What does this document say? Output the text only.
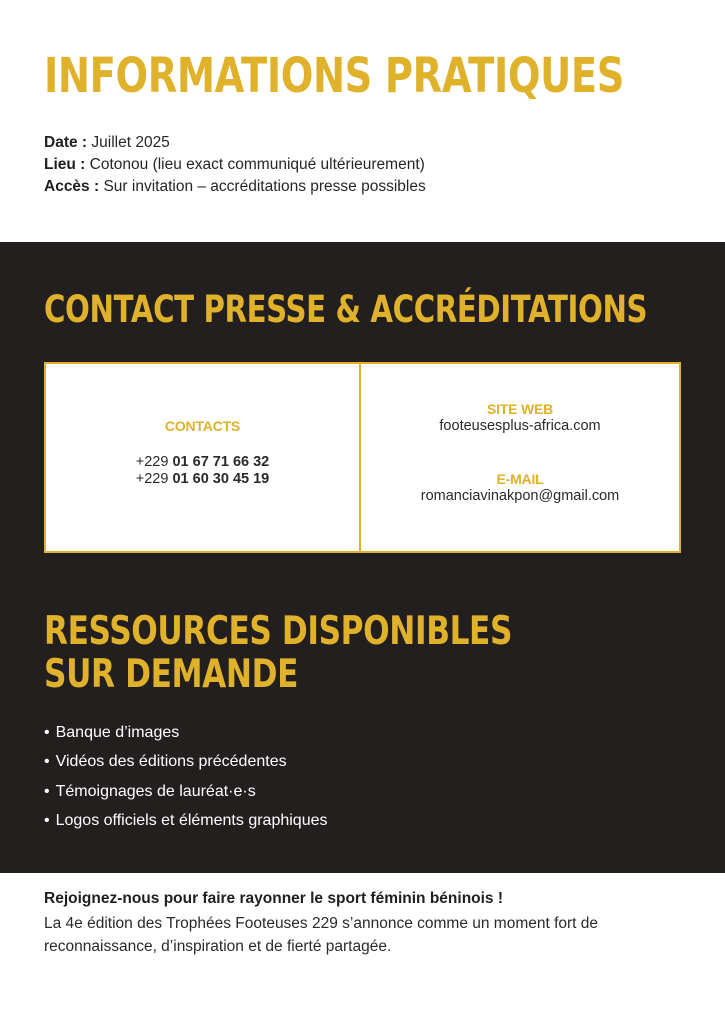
INFORMATIONS PRATIQUES
Date : Juillet 2025
Lieu : Cotonou (lieu exact communiqué ultérieurement)
Accès : Sur invitation – accréditations presse possibles
CONTACT PRESSE & ACCRÉDITATIONS
CONTACTS
+229 01 67 71 66 32
+229 01 60 30 45 19
SITE WEB
footeusesplus-africa.com
E-MAIL
romanciavinakpon@gmail.com
RESSOURCES DISPONIBLES
SUR DEMANDE
• Banque d’images
• Vidéos des éditions précédentes
• Témoignages de lauréat·e·s
• Logos officiels et éléments graphiques

Rejoignez-nous pour faire rayonner le sport féminin béninois !

La 4e édition des Trophées Footeuses 229 s’annonce comme un moment fort de reconnaissance, d’inspiration et de fierté partagée.
